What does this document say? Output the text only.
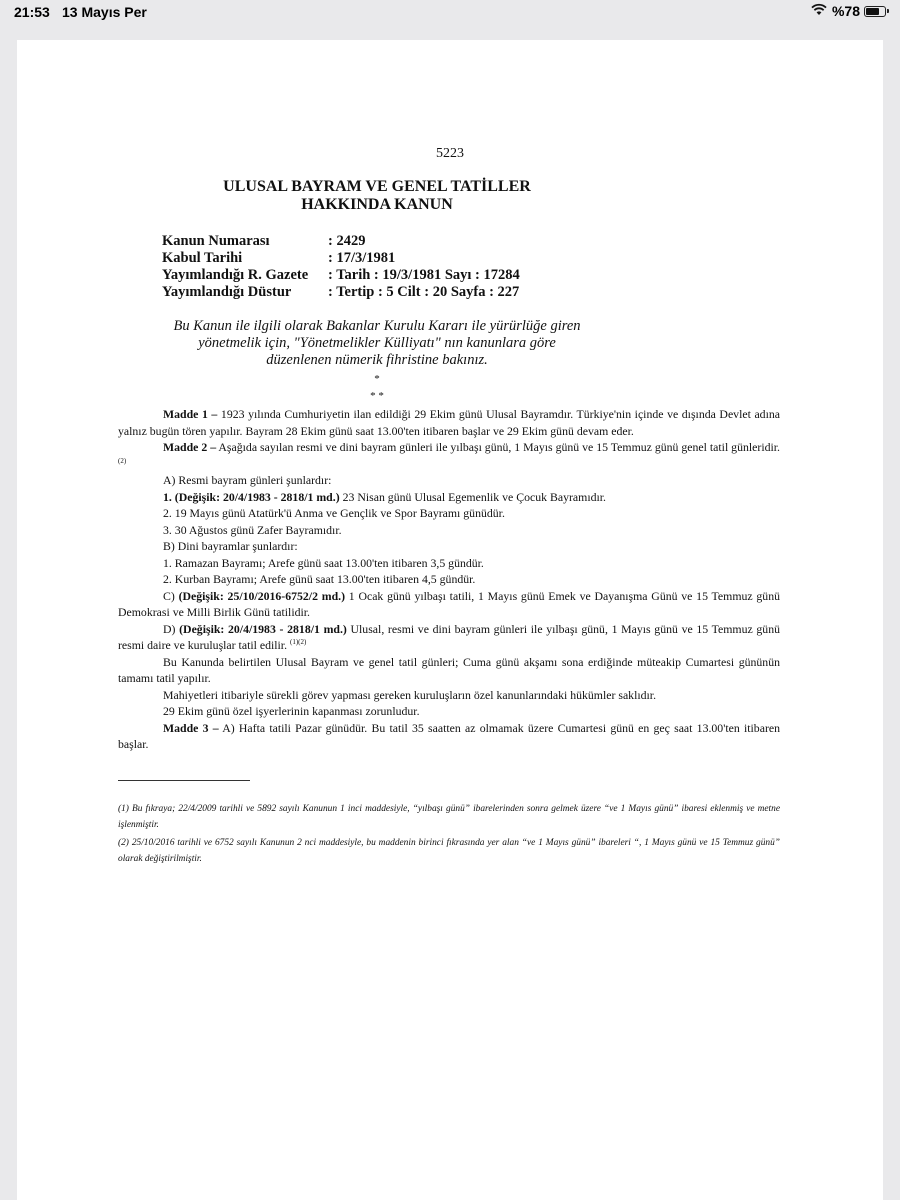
21:53 13 Mayıs Per	%78
5223
ULUSAL BAYRAM VE GENEL TATİLLER
HAKKINDA KANUN
Kanun Numarası	: 2429
Kabul Tarihi	: 17/3/1981
Yayımlandığı R. Gazete	: Tarih : 19/3/1981 Sayı : 17284
Yayımlandığı Düstur	: Tertip : 5 Cilt : 20 Sayfa : 227
Bu Kanun ile ilgili olarak Bakanlar Kurulu Kararı ile yürürlüğe giren
yönetmelik için, "Yönetmelikler Külliyatı" nın kanunlara göre
düzenlenen nümerik fihristine bakınız.
*
* *

Madde 1 – 1923 yılında Cumhuriyetin ilan edildiği 29 Ekim günü Ulusal Bayramdır. Türkiye'nin içinde ve dışında Devlet adına yalnız bugün tören yapılır. Bayram 28 Ekim günü saat 13.00'ten itibaren başlar ve 29 Ekim günü devam eder.

Madde 2 – Aşağıda sayılan resmi ve dini bayram günleri ile yılbaşı günü, 1 Mayıs günü ve 15 Temmuz günü genel tatil günleridir. $^{(2)}$

A) Resmi bayram günleri şunlardır:

1. (Değişik: 20/4/1983 - 2818/1 md.) 23 Nisan günü Ulusal Egemenlik ve Çocuk Bayramıdır.

2. 19 Mayıs günü Atatürk'ü Anma ve Gençlik ve Spor Bayramı günüdür.

3. 30 Ağustos günü Zafer Bayramıdır.

B) Dini bayramlar şunlardır:

1. Ramazan Bayramı; Arefe günü saat 13.00'ten itibaren 3,5 gündür.

2. Kurban Bayramı; Arefe günü saat 13.00'ten itibaren 4,5 gündür.

C) (Değişik: 25/10/2016-6752/2 md.) 1 Ocak günü yılbaşı tatili, 1 Mayıs günü Emek ve Dayanışma Günü ve 15 Temmuz günü Demokrasi ve Milli Birlik Günü tatilidir.

D) (Değişik: 20/4/1983 - 2818/1 md.) Ulusal, resmi ve dini bayram günleri ile yılbaşı günü, 1 Mayıs günü ve 15 Temmuz günü resmi daire ve kuruluşlar tatil edilir. $^{(1)(2)}$

Bu Kanunda belirtilen Ulusal Bayram ve genel tatil günleri; Cuma günü akşamı sona erdiğinde müteakip Cumartesi gününün tamamı tatil yapılır.

Mahiyetleri itibariyle sürekli görev yapması gereken kuruluşların özel kanunlarındaki hükümler saklıdır.

29 Ekim günü özel işyerlerinin kapanması zorunludur.

Madde 3 – A) Hafta tatili Pazar günüdür. Bu tatil 35 saatten az olmamak üzere Cumartesi günü en geç saat 13.00'ten itibaren başlar.

(1) Bu fıkraya; 22/4/2009 tarihli ve 5892 sayılı Kanunun 1 inci maddesiyle, “yılbaşı günü” ibarelerinden sonra gelmek üzere “ve 1 Mayıs günü” ibaresi eklenmiş ve metne işlenmiştir.

(2) 25/10/2016 tarihli ve 6752 sayılı Kanunun 2 nci maddesiyle, bu maddenin birinci fıkrasında yer alan “ve 1 Mayıs günü” ibareleri “, 1 Mayıs günü ve 15 Temmuz günü” olarak değiştirilmiştir.
